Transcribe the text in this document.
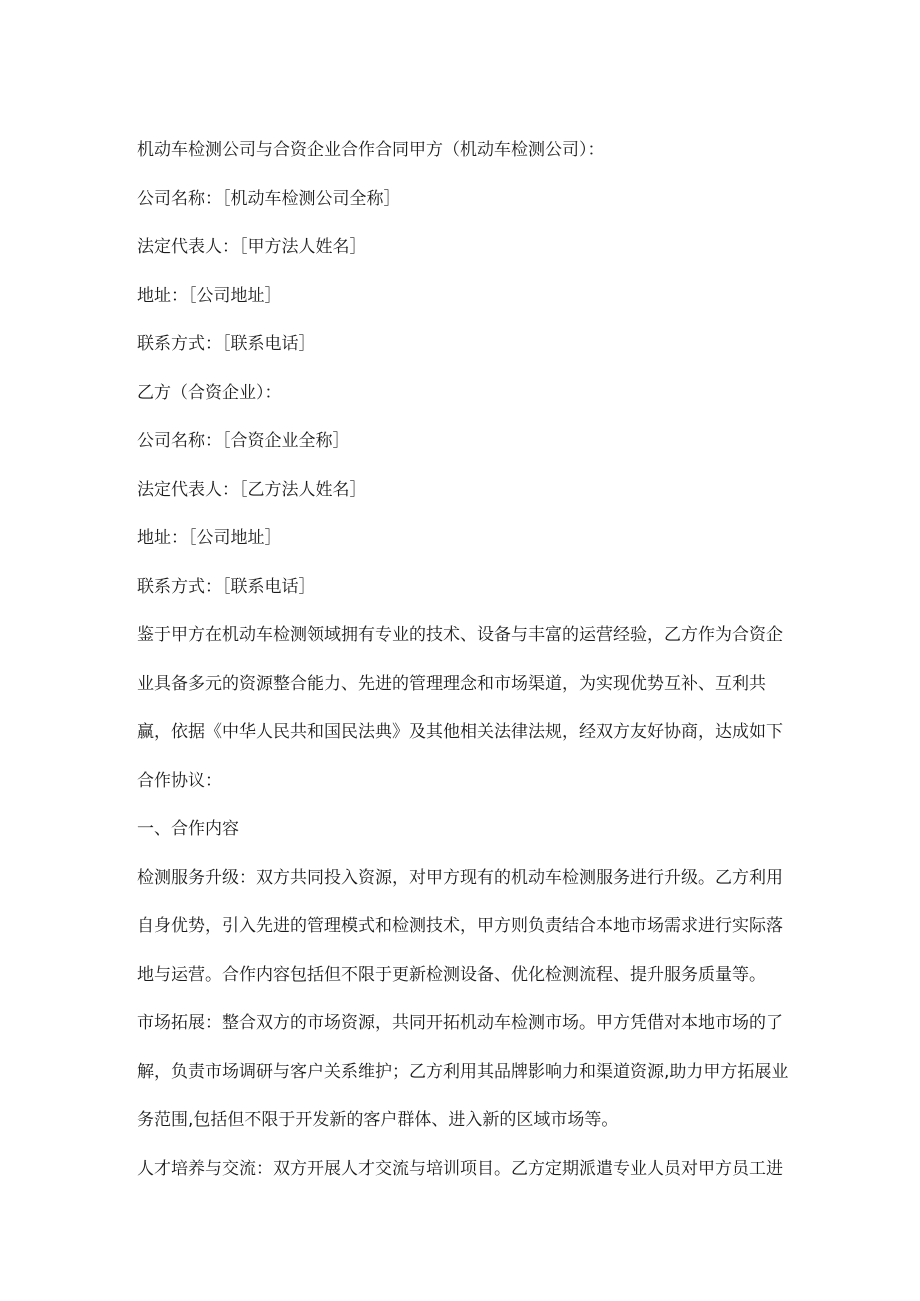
机动车检测公司与合资企业合作合同甲方（机动车检测公司）：

公司名称：［机动车检测公司全称］

法定代表人：［甲方法人姓名］

地址：［公司地址］

联系方式：［联系电话］

乙方（合资企业）：

公司名称：［合资企业全称］

法定代表人：［乙方法人姓名］

地址：［公司地址］

联系方式：［联系电话］

鉴于甲方在机动车检测领域拥有专业的技术、设备与丰富的运营经验，乙方作为合资企业具备多元的资源整合能力、先进的管理理念和市场渠道，为实现优势互补、互利共赢，依据《中华人民共和国民法典》及其他相关法律法规，经双方友好协商，达成如下合作协议：

一、合作内容

检测服务升级：双方共同投入资源，对甲方现有的机动车检测服务进行升级。乙方利用自身优势，引入先进的管理模式和检测技术，甲方则负责结合本地市场需求进行实际落地与运营。合作内容包括但不限于更新检测设备、优化检测流程、提升服务质量等。

市场拓展：整合双方的市场资源，共同开拓机动车检测市场。甲方凭借对本地市场的了解，负责市场调研与客户关系维护；乙方利用其品牌影响力和渠道资源,助力甲方拓展业务范围,包括但不限于开发新的客户群体、进入新的区域市场等。

人才培养与交流：双方开展人才交流与培训项目。乙方定期派遣专业人员对甲方员工进
